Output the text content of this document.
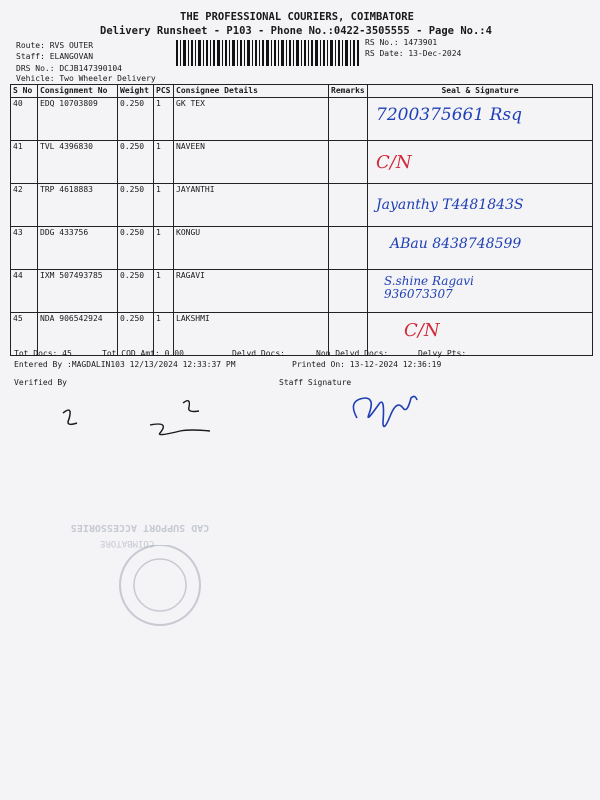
THE PROFESSIONAL COURIERS, COIMBATORE
Delivery Runsheet - P103 - Phone No.:0422-3505555 - Page No.:4
Route: RVS OUTER
Staff: ELANGOVAN
DRS No.: DCJB147390104
Vehicle: Two Wheeler Delivery
RS No.: 1473901
RS Date: 13-Dec-2024
S No	Consignment No	Weight	PCS	Consignee Details	Remarks	Seal & Signature
40	EDQ 10703809	0.250	1	GK TEX		7200375661 Rsq

41	TVL 4396830	0.250	1	NAVEEN		C/N

42	TRP 4618883	0.250	1	JAYANTHI		Jayanthy T4481843S

43	DDG 433756	0.250	1	KONGU		ABau 8438748599

44	IXM 507493785	0.250	1	RAGAVI		S.shine Ragavi 936073307

45	NDA 906542924	0.250	1	LAKSHMI		C/N
Tot Docs: 45	Tot COD Amt: 0.00	Delvd Docs:	Non Delvd Docs:	Delvy Pts:
Entered By :MAGDALIN103 12/13/2024 12:33:37 PM	Printed On: 13-12-2024 12:36:19
Verified By	Staff Signature
CAD SUPPORT ACCESSORIES
COIMBATORE
